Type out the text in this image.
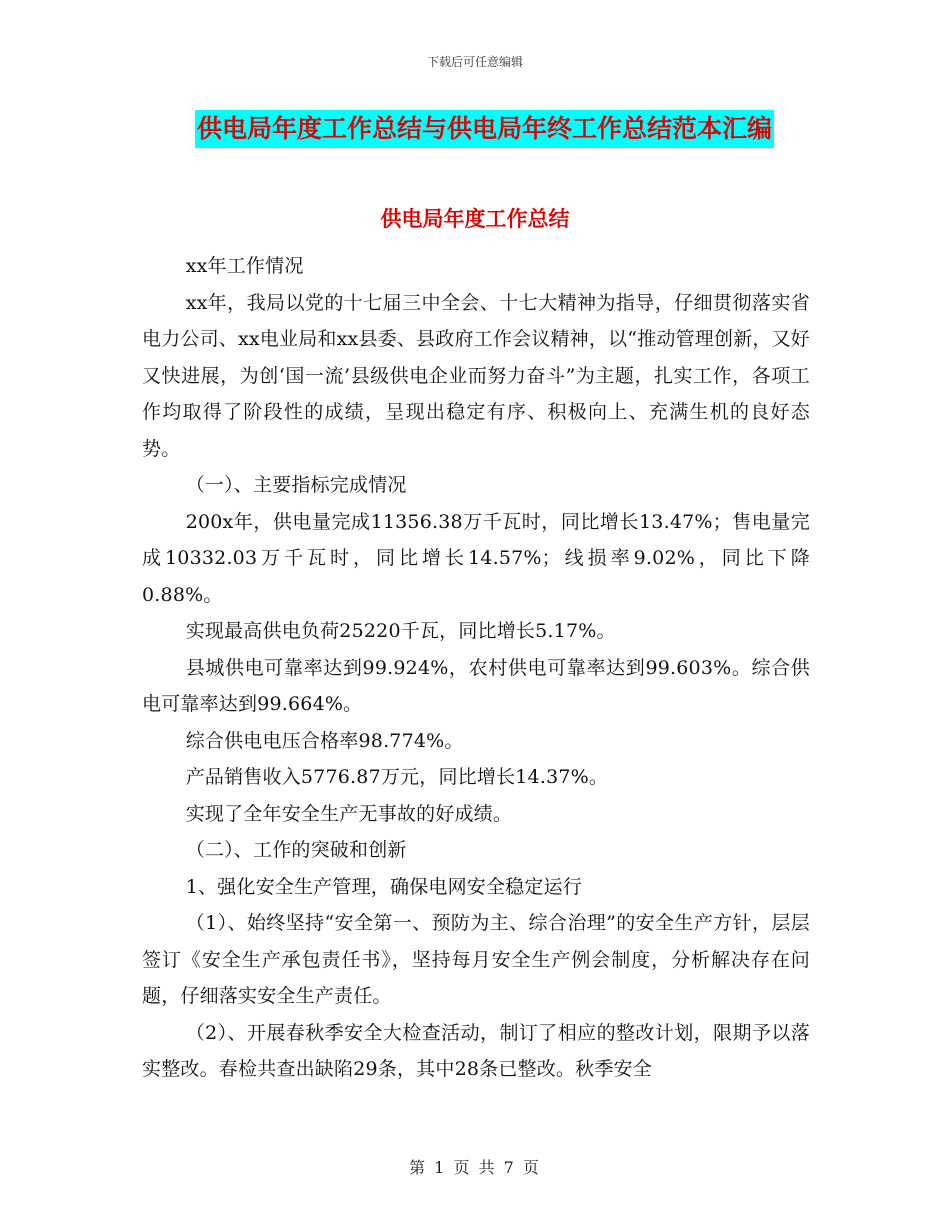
下载后可任意编辑
供电局年度工作总结与供电局年终工作总结范本汇编
供电局年度工作总结

xx年工作情况

xx年，我局以党的十七届三中全会、十七大精神为指导，仔细贯彻落实省电力公司、xx电业局和xx县委、县政府工作会议精神，以“推动管理创新，又好又快进展，为创‘国一流’县级供电企业而努力奋斗”为主题，扎实工作，各项工作均取得了阶段性的成绩，呈现出稳定有序、积极向上、充满生机的良好态势。

（一）、主要指标完成情况

200x年，供电量完成11356.38万千瓦时，同比增长13.47%；售电量完成10332.03万千瓦时，同比增长14.57%；线损率9.02%，同比下降0.88%。

实现最高供电负荷25220千瓦，同比增长5.17%。

县城供电可靠率达到99.924%，农村供电可靠率达到99.603%。综合供电可靠率达到99.664%。

综合供电电压合格率98.774%。

产品销售收入5776.87万元，同比增长14.37%。

实现了全年安全生产无事故的好成绩。

（二）、工作的突破和创新

1、强化安全生产管理，确保电网安全稳定运行

（1）、始终坚持“安全第一、预防为主、综合治理”的安全生产方针，层层签订《安全生产承包责任书》，坚持每月安全生产例会制度，分析解决存在问题，仔细落实安全生产责任。

（2）、开展春秋季安全大检查活动，制订了相应的整改计划，限期予以落实整改。春检共查出缺陷29条，其中28条已整改。秋季安全

第 1 页 共 7 页
